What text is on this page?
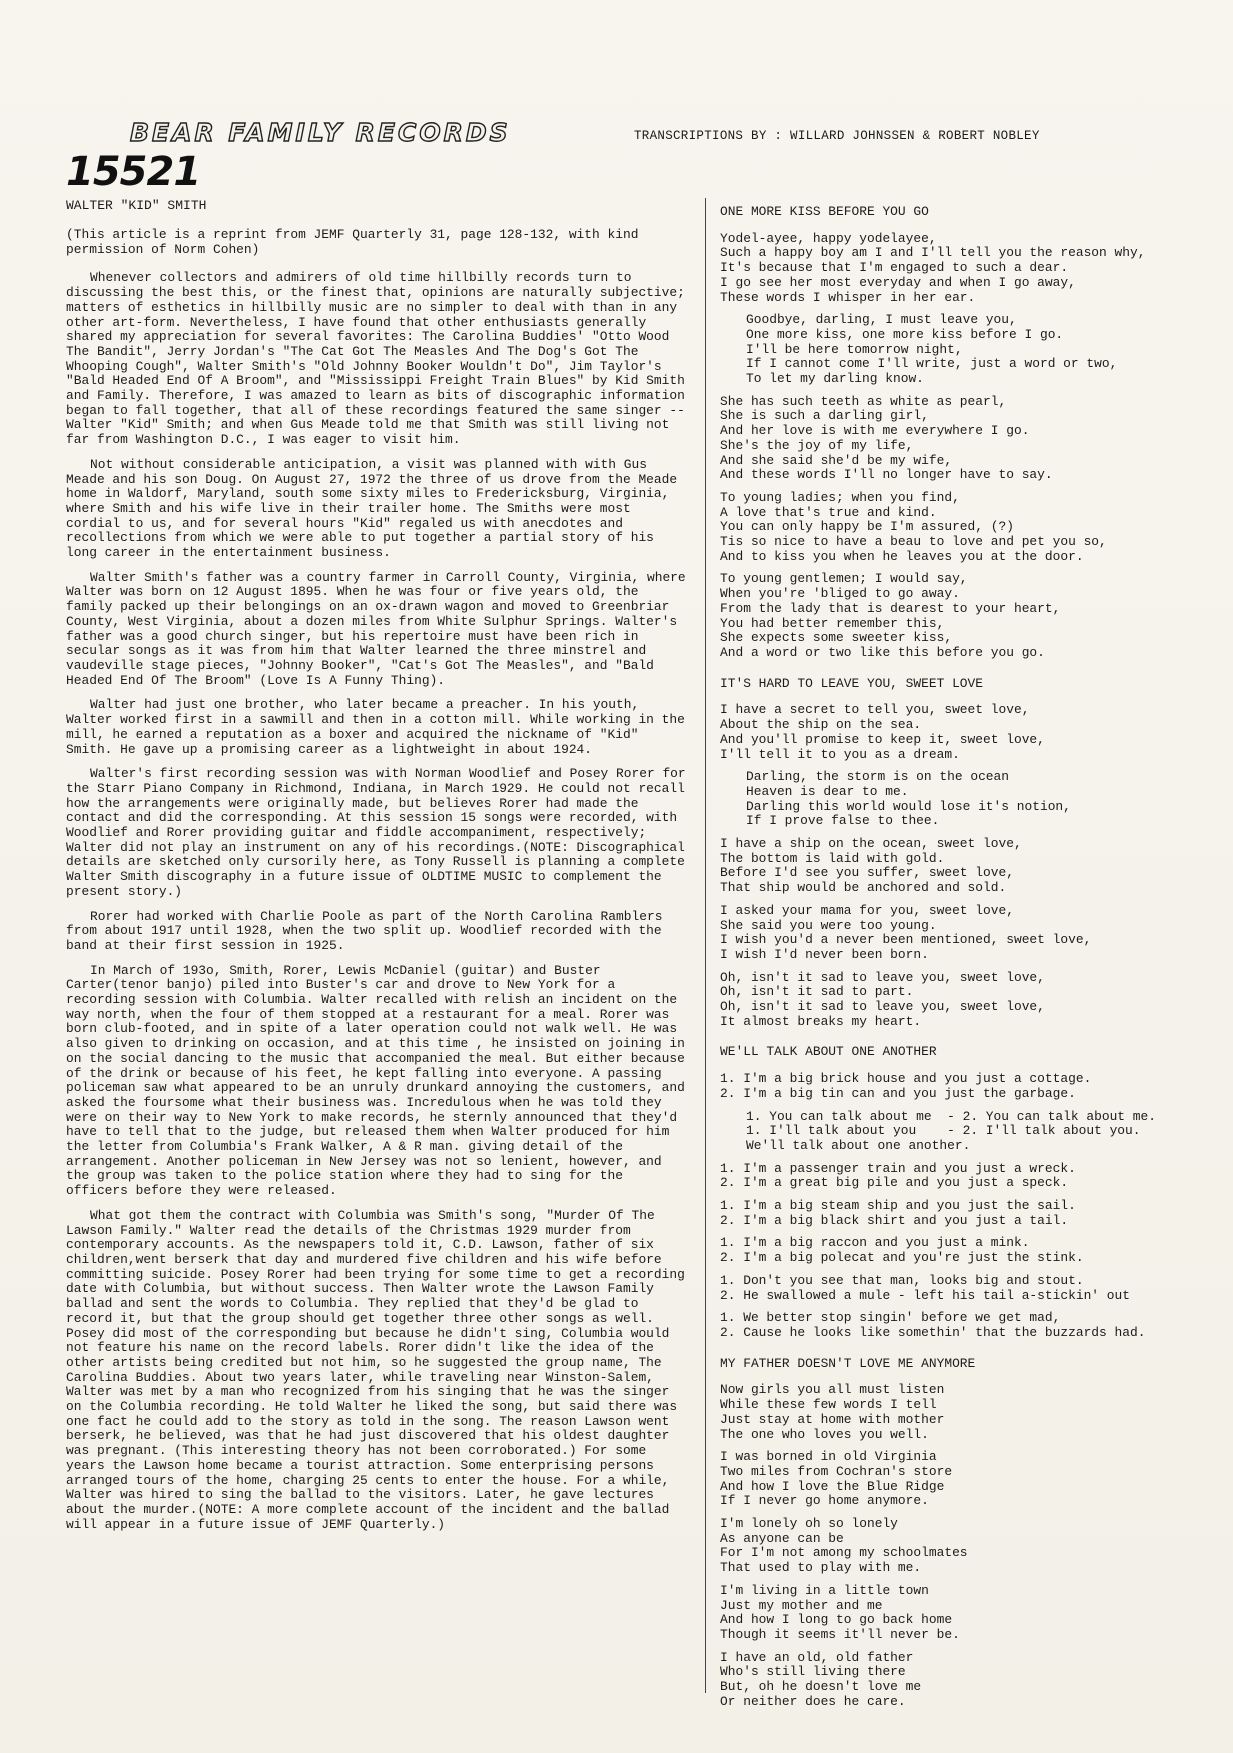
BEAR FAMILY RECORDS
15521
TRANSCRIPTIONS BY : WILLARD JOHNSSEN & ROBERT NOBLEY
WALTER "KID" SMITH

(This article is a reprint from JEMF Quarterly 31, page 128-132, with kind permission of Norm Cohen)

Whenever collectors and admirers of old time hillbilly records turn to discussing the best this, or the finest that, opinions are naturally subjective; matters of esthetics in hillbilly music are no simpler to deal with than in any other art-form. Nevertheless, I have found that other enthusiasts generally shared my appreciation for several favorites: The Carolina Buddies' "Otto Wood The Bandit", Jerry Jordan's "The Cat Got The Measles And The Dog's Got The Whooping Cough", Walter Smith's "Old Johnny Booker Wouldn't Do", Jim Taylor's "Bald Headed End Of A Broom", and "Mississippi Freight Train Blues" by Kid Smith and Family. Therefore, I was amazed to learn as bits of discographic information began to fall together, that all of these recordings featured the same singer -- Walter "Kid" Smith; and when Gus Meade told me that Smith was still living not far from Washington D.C., I was eager to visit him.

Not without considerable anticipation, a visit was planned with with Gus Meade and his son Doug. On August 27, 1972 the three of us drove from the Meade home in Waldorf, Maryland, south some sixty miles to Fredericksburg, Virginia, where Smith and his wife live in their trailer home. The Smiths were most cordial to us, and for several hours "Kid" regaled us with anecdotes and recollections from which we were able to put together a partial story of his long career in the entertainment business.

Walter Smith's father was a country farmer in Carroll County, Virginia, where Walter was born on 12 August 1895. When he was four or five years old, the family packed up their belongings on an ox-drawn wagon and moved to Greenbriar County, West Virginia, about a dozen miles from White Sulphur Springs. Walter's father was a good church singer, but his repertoire must have been rich in secular songs as it was from him that Walter learned the three minstrel and vaudeville stage pieces, "Johnny Booker", "Cat's Got The Measles", and "Bald Headed End Of The Broom" (Love Is A Funny Thing).

Walter had just one brother, who later became a preacher. In his youth, Walter worked first in a sawmill and then in a cotton mill. While working in the mill, he earned a reputation as a boxer and acquired the nickname of "Kid" Smith. He gave up a promising career as a lightweight in about 1924.

Walter's first recording session was with Norman Woodlief and Posey Rorer for the Starr Piano Company in Richmond, Indiana, in March 1929. He could not recall how the arrangements were originally made, but believes Rorer had made the contact and did the corresponding. At this session 15 songs were recorded, with Woodlief and Rorer providing guitar and fiddle accompaniment, respectively; Walter did not play an instrument on any of his recordings.(NOTE: Discographical details are sketched only cursorily here, as Tony Russell is planning a complete Walter Smith discography in a future issue of OLDTIME MUSIC to complement the present story.)

Rorer had worked with Charlie Poole as part of the North Carolina Ramblers from about 1917 until 1928, when the two split up. Woodlief recorded with the band at their first session in 1925.

In March of 193o, Smith, Rorer, Lewis McDaniel (guitar) and Buster Carter(tenor banjo) piled into Buster's car and drove to New York for a recording session with Columbia. Walter recalled with relish an incident on the way north, when the four of them stopped at a restaurant for a meal. Rorer was born club-footed, and in spite of a later operation could not walk well. He was also given to drinking on occasion, and at this time , he insisted on joining in on the social dancing to the music that accompanied the meal. But either because of the drink or because of his feet, he kept falling into everyone. A passing policeman saw what appeared to be an unruly drunkard annoying the customers, and asked the foursome what their business was. Incredulous when he was told they were on their way to New York to make records, he sternly announced that they'd have to tell that to the judge, but released them when Walter produced for him the letter from Columbia's Frank Walker, A & R man. giving detail of the arrangement. Another policeman in New Jersey was not so lenient, however, and the group was taken to the police station where they had to sing for the officers before they were released.

What got them the contract with Columbia was Smith's song, "Murder Of The Lawson Family." Walter read the details of the Christmas 1929 murder from contemporary accounts. As the newspapers told it, C.D. Lawson, father of six children,went berserk that day and murdered five children and his wife before committing suicide. Posey Rorer had been trying for some time to get a recording date with Columbia, but without success. Then Walter wrote the Lawson Family ballad and sent the words to Columbia. They replied that they'd be glad to record it, but that the group should get together three other songs as well. Posey did most of the corresponding but because he didn't sing, Columbia would not feature his name on the record labels. Rorer didn't like the idea of the other artists being credited but not him, so he suggested the group name, The Carolina Buddies. About two years later, while traveling near Winston-Salem, Walter was met by a man who recognized from his singing that he was the singer on the Columbia recording. He told Walter he liked the song, but said there was one fact he could add to the story as told in the song. The reason Lawson went berserk, he believed, was that he had just discovered that his oldest daughter was pregnant. (This interesting theory has not been corroborated.) For some years the Lawson home became a tourist attraction. Some enterprising persons arranged tours of the home, charging 25 cents to enter the house. For a while, Walter was hired to sing the ballad to the visitors. Later, he gave lectures about the murder.(NOTE: A more complete account of the incident and the ballad will appear in a future issue of JEMF Quarterly.)

ONE MORE KISS BEFORE YOU GO
Yodel-ayee, happy yodelayee,
Such a happy boy am I and I'll tell you the reason why,
It's because that I'm engaged to such a dear.
I go see her most everyday and when I go away,
These words I whisper in her ear.
Goodbye, darling, I must leave you,
One more kiss, one more kiss before I go.
I'll be here tomorrow night,
If I cannot come I'll write, just a word or two,
To let my darling know.
She has such teeth as white as pearl,
She is such a darling girl,
And her love is with me everywhere I go.
She's the joy of my life,
And she said she'd be my wife,
And these words I'll no longer have to say.
To young ladies; when you find,
A love that's true and kind.
You can only happy be I'm assured, (?)
Tis so nice to have a beau to love and pet you so,
And to kiss you when he leaves you at the door.
To young gentlemen; I would say,
When you're 'bliged to go away.
From the lady that is dearest to your heart,
You had better remember this,
She expects some sweeter kiss,
And a word or two like this before you go.
IT'S HARD TO LEAVE YOU, SWEET LOVE
I have a secret to tell you, sweet love,
About the ship on the sea.
And you'll promise to keep it, sweet love,
I'll tell it to you as a dream.
Darling, the storm is on the ocean
Heaven is dear to me.
Darling this world would lose it's notion,
If I prove false to thee.
I have a ship on the ocean, sweet love,
The bottom is laid with gold.
Before I'd see you suffer, sweet love,
That ship would be anchored and sold.
I asked your mama for you, sweet love,
She said you were too young.
I wish you'd a never been mentioned, sweet love,
I wish I'd never been born.
Oh, isn't it sad to leave you, sweet love,
Oh, isn't it sad to part.
Oh, isn't it sad to leave you, sweet love,
It almost breaks my heart.
WE'LL TALK ABOUT ONE ANOTHER
1. I'm a big brick house and you just a cottage.
2. I'm a big tin can and you just the garbage.
1. You can talk about me  - 2. You can talk about me.
1. I'll talk about you    - 2. I'll talk about you.
We'll talk about one another.
1. I'm a passenger train and you just a wreck.
2. I'm a great big pile and you just a speck.
1. I'm a big steam ship and you just the sail.
2. I'm a big black shirt and you just a tail.
1. I'm a big raccon and you just a mink.
2. I'm a big polecat and you're just the stink.
1. Don't you see that man, looks big and stout.
2. He swallowed a mule - left his tail a-stickin' out
1. We better stop singin' before we get mad,
2. Cause he looks like somethin' that the buzzards had.
MY FATHER DOESN'T LOVE ME ANYMORE
Now girls you all must listen
While these few words I tell
Just stay at home with mother
The one who loves you well.
I was borned in old Virginia
Two miles from Cochran's store
And how I love the Blue Ridge
If I never go home anymore.
I'm lonely oh so lonely
As anyone can be
For I'm not among my schoolmates
That used to play with me.
I'm living in a little town
Just my mother and me
And how I long to go back home
Though it seems it'll never be.
I have an old, old father
Who's still living there
But, oh he doesn't love me
Or neither does he care.
